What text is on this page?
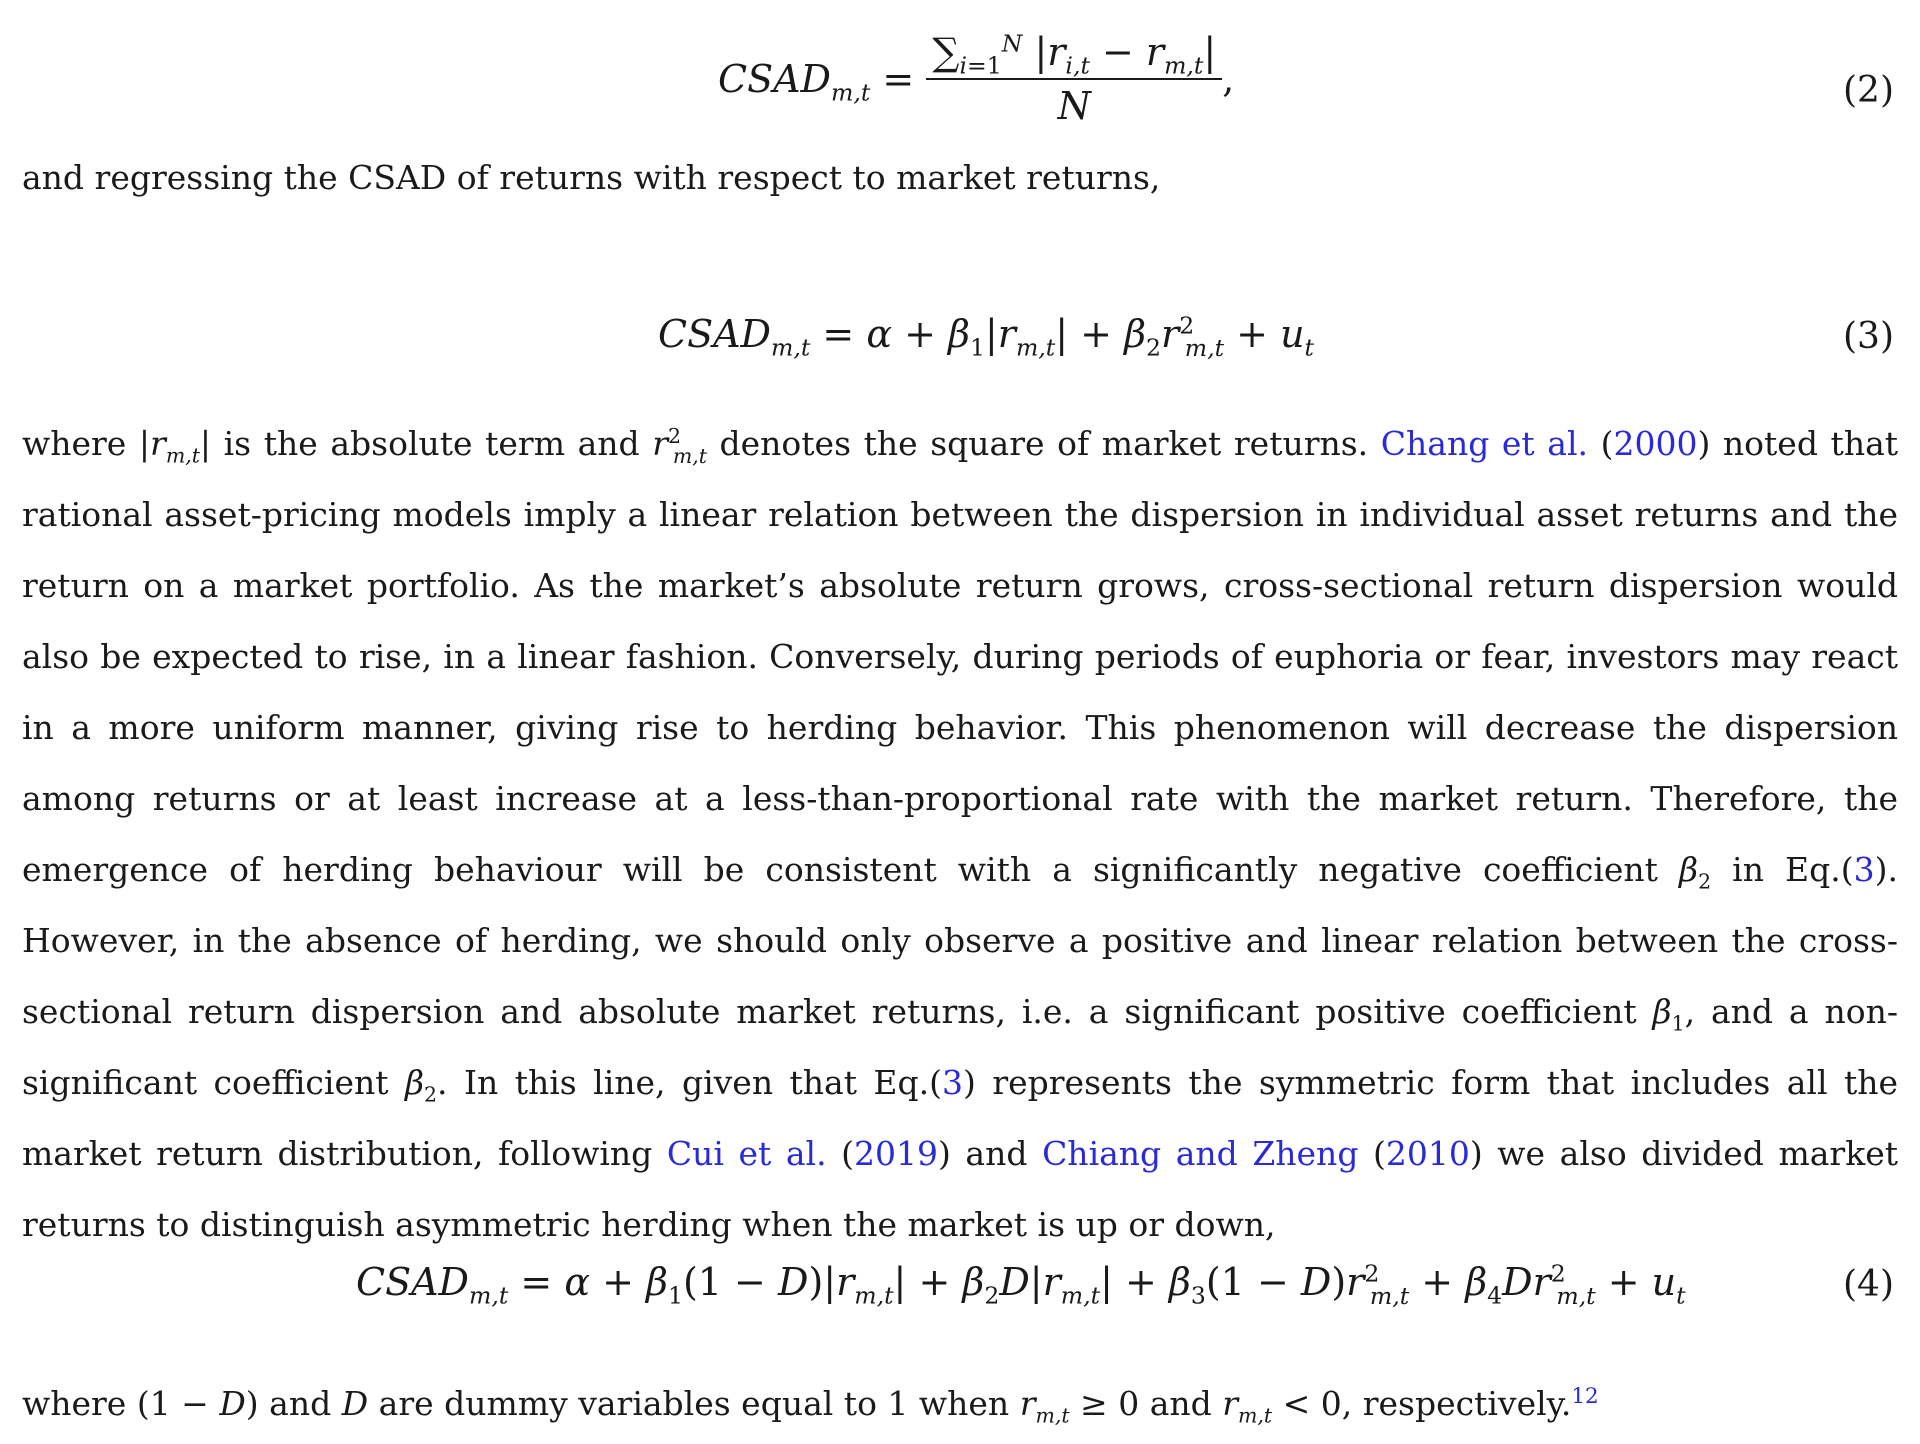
$CSAD_{m,t} = \frac{\sum_{i=1}^N |r_{i,t} - r_{m,t}|}{N}$ ,	(2)

and regressing the CSAD of returns with respect to market returns,

$CSAD_{m,t} = \alpha + \beta_1|r_{m,t}| + \beta_2r^2_{m,t} + u_t$	(3)

where $|r_{m,t}|$ is the absolute term and $r^2_{m,t}$ denotes the square of market returns. Chang et al. (2000) noted that rational asset-pricing models imply a linear relation between the dispersion in individual asset returns and the return on a market portfolio. As the market’s absolute return grows, cross-sectional return dispersion would also be expected to rise, in a linear fashion. Conversely, during periods of euphoria or fear, investors may react in a more uniform manner, giving rise to herding behavior. This phenomenon will decrease the dispersion among returns or at least increase at a less-than-proportional rate with the market return. Therefore, the emergence of herding behaviour will be consistent with a significantly negative coefficient $\beta_2$ in Eq.(3). However, in the absence of herding, we should only observe a positive and linear relation between the cross-sectional return dispersion and absolute market returns, i.e. a significant positive coefficient $\beta_1$, and a non-significant coefficient $\beta_2$. In this line, given that Eq.(3) represents the symmetric form that includes all the market return distribution, following Cui et al. (2019) and Chiang and Zheng (2010) we also divided market returns to distinguish asymmetric herding when the market is up or down,

$CSAD_{m,t} = \alpha + \beta_1(1 - D)|r_{m,t}| + \beta_2D|r_{m,t}| + \beta_3(1 - D)r^2_{m,t} + \beta_4Dr^2_{m,t} + u_t$	(4)

where (1 − D) and D are dummy variables equal to 1 when $r_{m,t} \ge 0$ and $r_{m,t} < 0$, respectively.$^{12}$
